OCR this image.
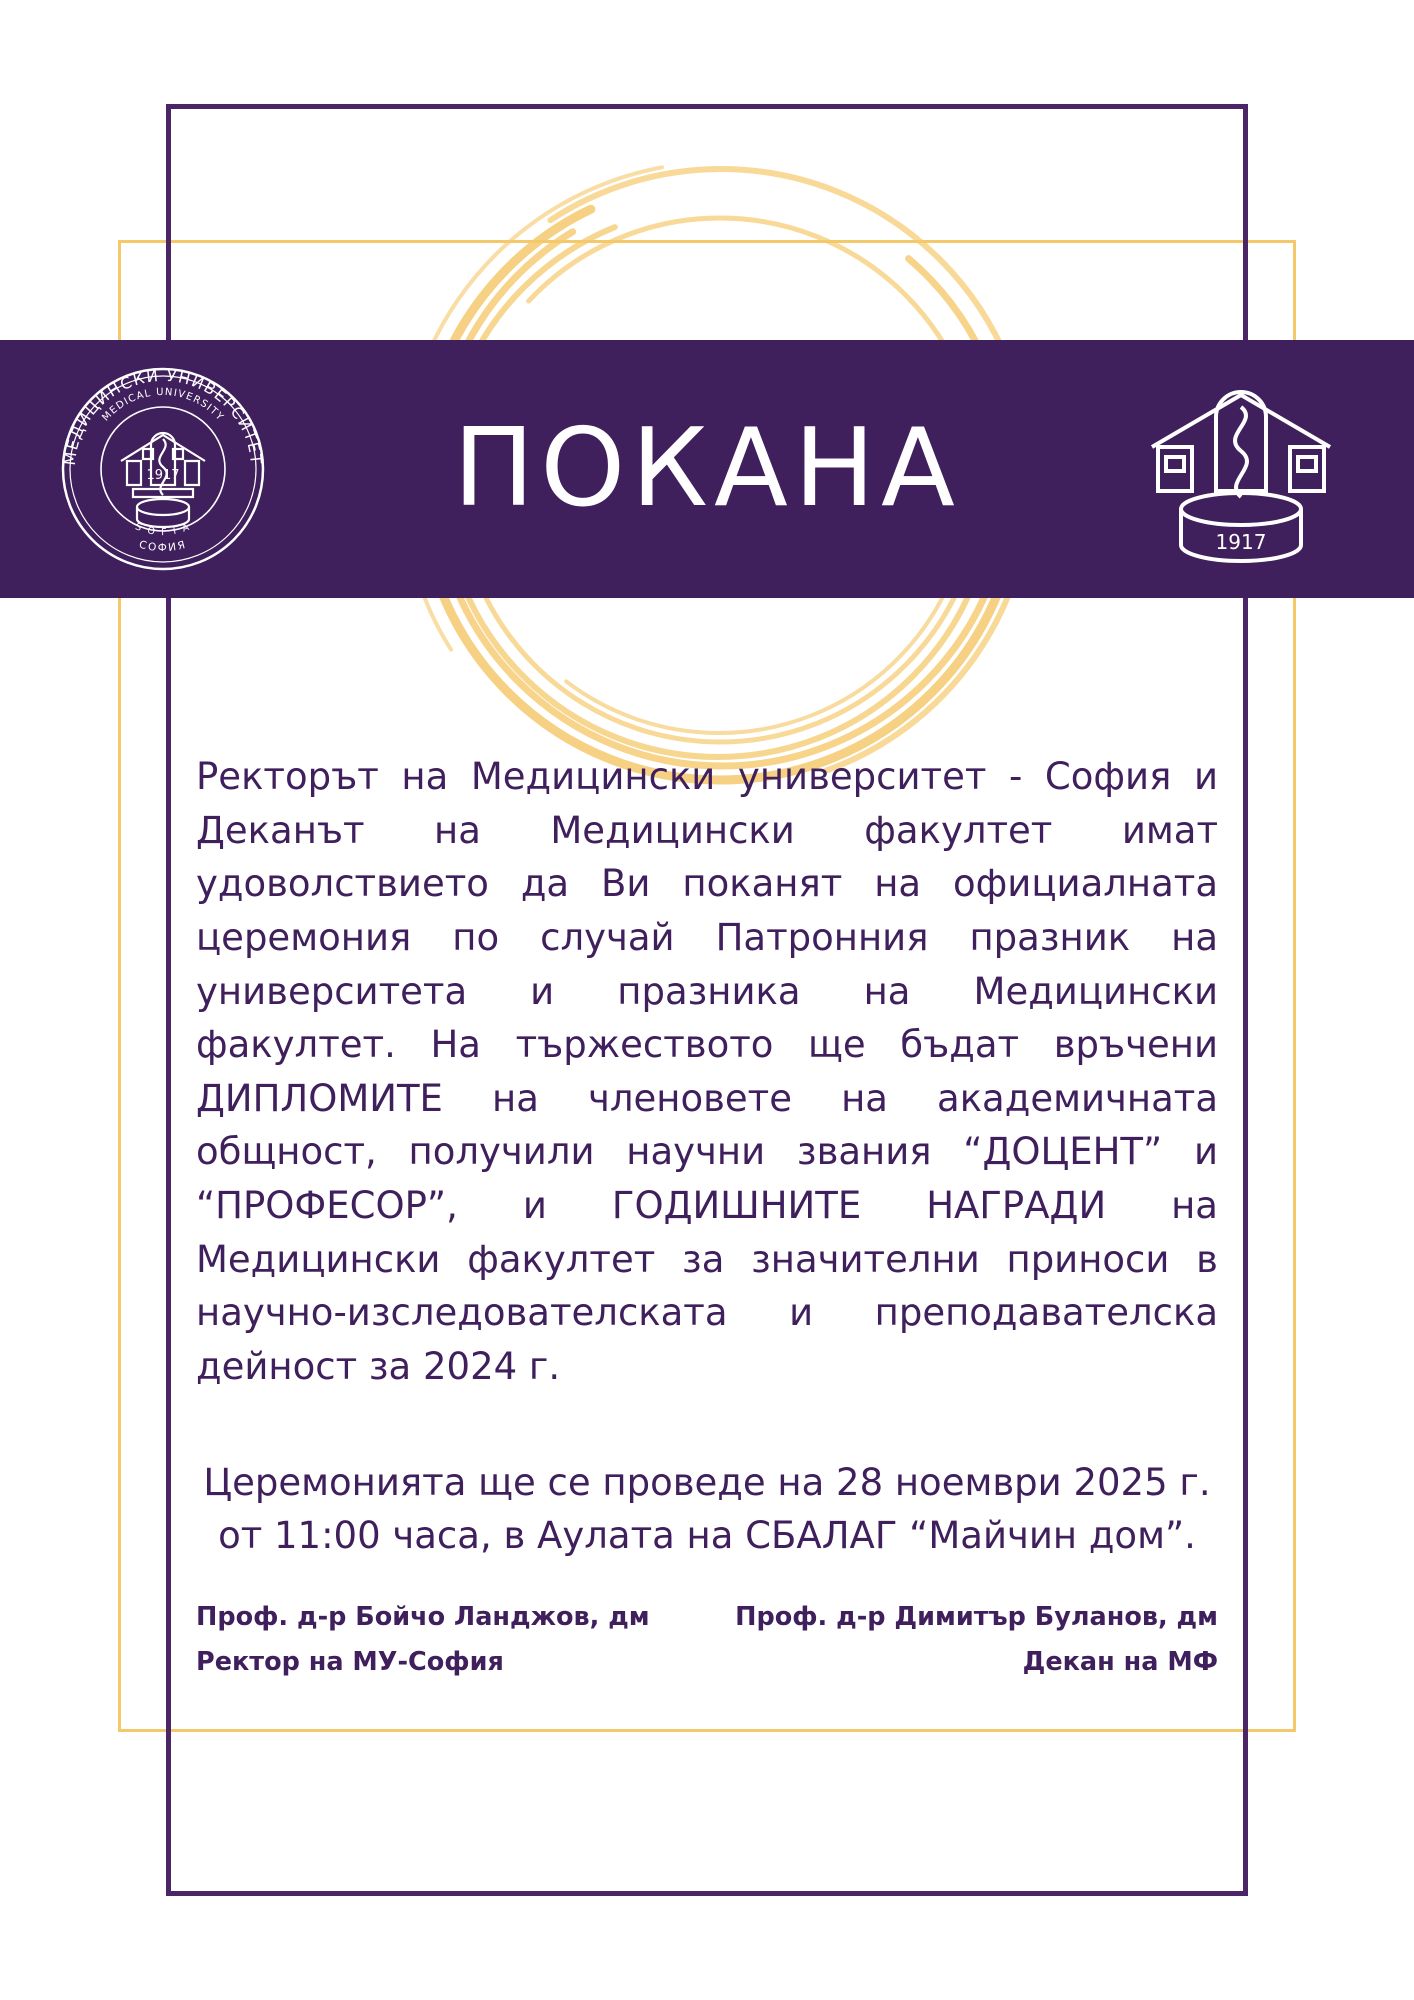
МЕДИЦИНСКИ УНИВЕРСИТЕТ
MEDICAL UNIVERSITY
СОФИЯ
S O F I A
1917	ПОКАНА
1917

Ректорът на Медицински университет - София и Деканът на Медицински факултет имат удоволствието да Ви поканят на официалната церемония по случай Патронния празник на университета и празника на Медицински факултет. На тържеството ще бъдат връчени ДИПЛОМИТЕ на членовете на академичната общност, получили научни звания “ДОЦЕНТ” и “ПРОФЕСОР”, и ГОДИШНИТЕ НАГРАДИ на Медицински факултет за значителни приноси в научно-изследователската и преподавателска дейност за 2024 г.

Церемонията ще се проведе на 28 ноември 2025 г.
от 11:00 часа, в Аулата на СБАЛАГ “Майчин дом”.
Проф. д-р Бойчо Ланджов, дм
Ректор на МУ-София
Проф. д-р Димитър Буланов, дм
Декан на МФ
